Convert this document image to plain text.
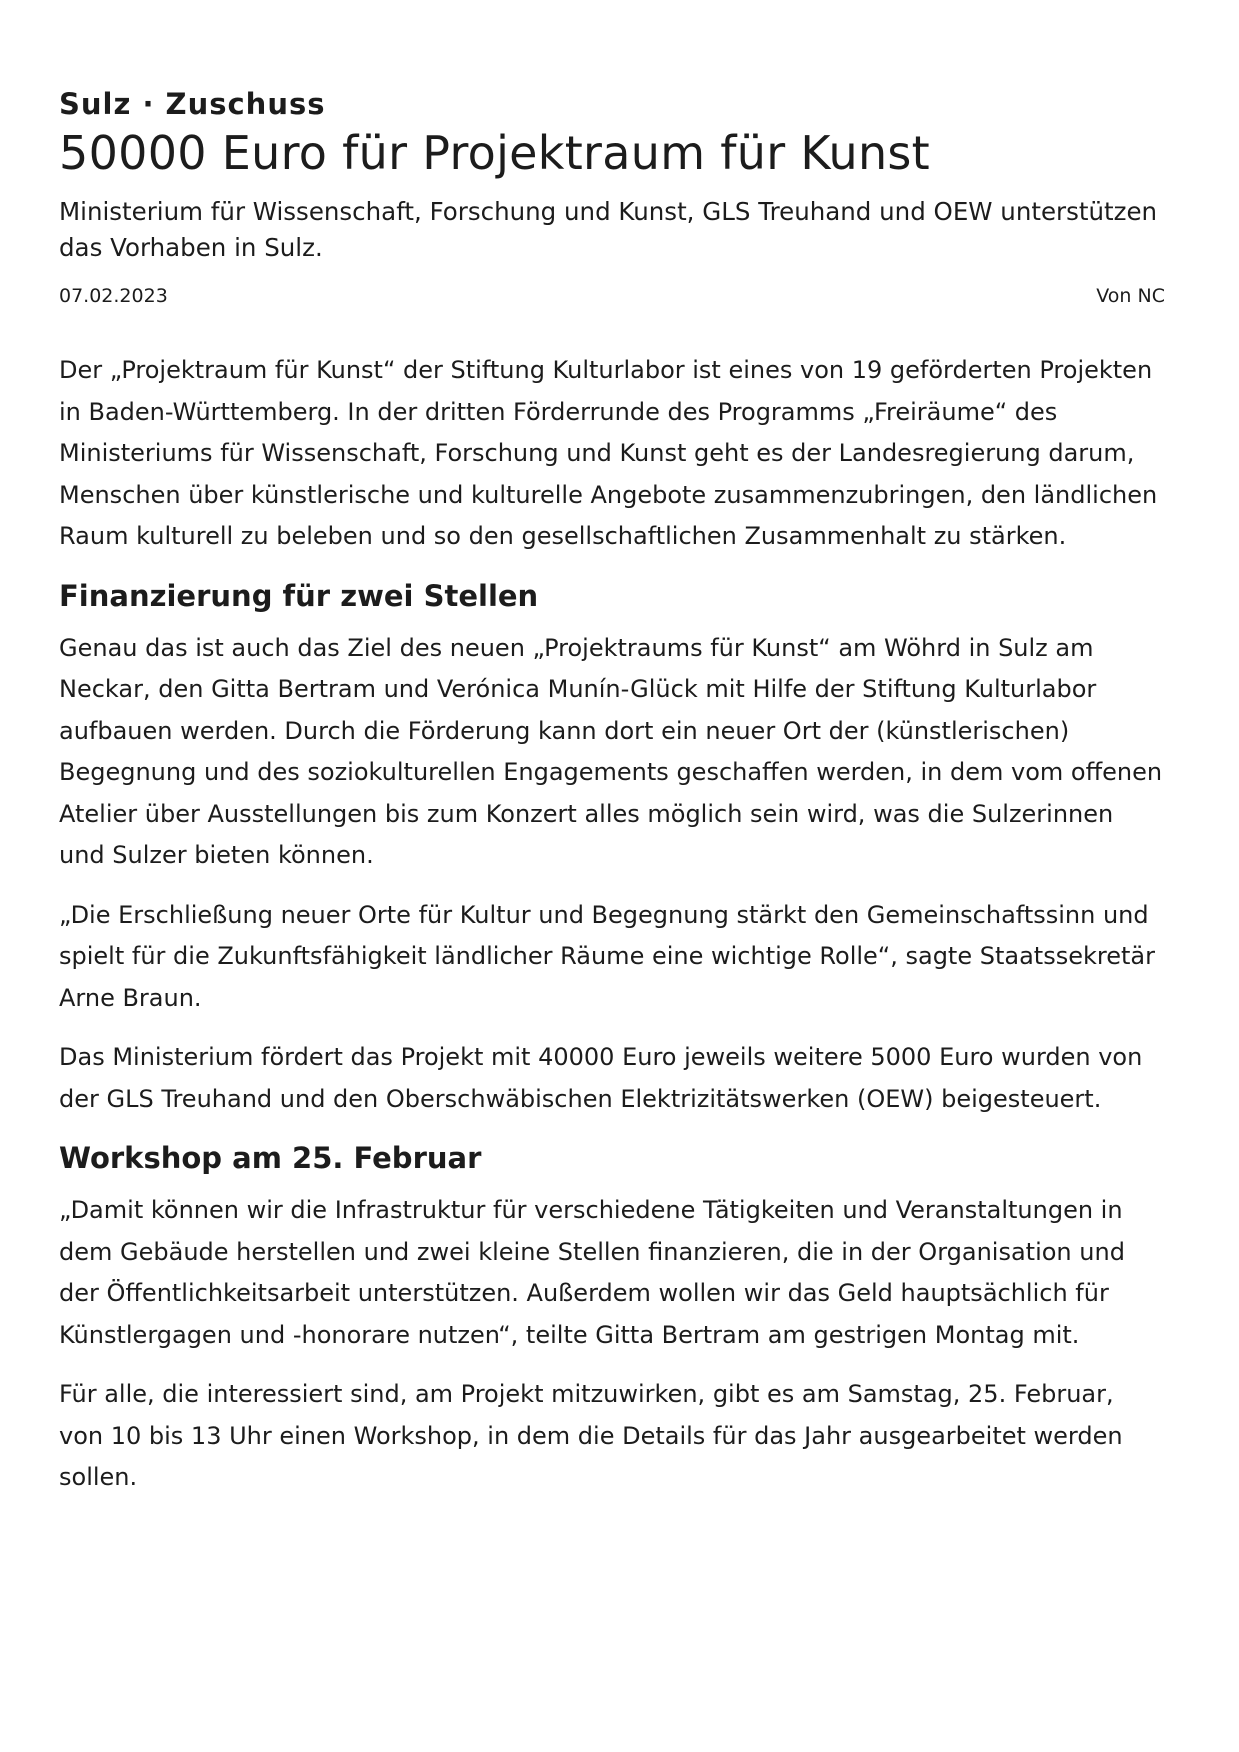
Sulz · Zuschuss

50000 Euro für Projektraum für Kunst

Ministerium für Wissenschaft, Forschung und Kunst, GLS Treuhand und OEW unterstützen das Vorhaben in Sulz.

07.02.2023	Von NC

Der „Projektraum für Kunst“ der Stiftung Kulturlabor ist eines von 19 geförderten Projekten in Baden-Württemberg. In der dritten Förderrunde des Programms „Freiräume“ des Ministeriums für Wissenschaft, Forschung und Kunst geht es der Landesregierung darum, Menschen über künstlerische und kulturelle Angebote zusammenzubringen, den ländlichen Raum kulturell zu beleben und so den gesellschaftlichen Zusammenhalt zu stärken.

Finanzierung für zwei Stellen

Genau das ist auch das Ziel des neuen „Projektraums für Kunst“ am Wöhrd in Sulz am Neckar, den Gitta Bertram und Verónica Munín-Glück mit Hilfe der Stiftung Kulturlabor aufbauen werden. Durch die Förderung kann dort ein neuer Ort der (künstlerischen) Begegnung und des soziokulturellen Engagements geschaffen werden, in dem vom offenen Atelier über Ausstellungen bis zum Konzert alles möglich sein wird, was die Sulzerinnen und Sulzer bieten können.

„Die Erschließung neuer Orte für Kultur und Begegnung stärkt den Gemeinschaftssinn und spielt für die Zukunftsfähigkeit ländlicher Räume eine wichtige Rolle“, sagte Staatssekretär Arne Braun.

Das Ministerium fördert das Projekt mit 40000 Euro jeweils weitere 5000 Euro wurden von der GLS Treuhand und den Oberschwäbischen Elektrizitätswerken (OEW) beigesteuert.

Workshop am 25. Februar

„Damit können wir die Infrastruktur für verschiedene Tätigkeiten und Veranstaltungen in dem Gebäude herstellen und zwei kleine Stellen finanzieren, die in der Organisation und der Öffentlichkeitsarbeit unterstützen. Außerdem wollen wir das Geld hauptsächlich für Künstlergagen und -honorare nutzen“, teilte Gitta Bertram am gestrigen Montag mit.

Für alle, die interessiert sind, am Projekt mitzuwirken, gibt es am Samstag, 25. Februar, von 10 bis 13 Uhr einen Workshop, in dem die Details für das Jahr ausgearbeitet werden sollen.
